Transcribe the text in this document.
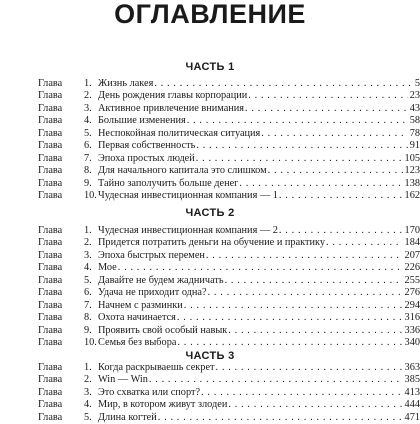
ОГЛАВЛЕНИЕ
ЧАСТЬ 1
Глава	1. Жизнь лакея . . .	5
Глава	2. День рождения главы корпорации . . .	23
Глава	3. Активное привлечение внимания . . .	43
Глава	4. Большие изменения . . .	58
Глава	5. Неспокойная политическая ситуация . . .	78
Глава	6. Первая собственность . . .	91
Глава	7. Эпоха простых людей . . .	105
Глава	8. Для начального капитала это слишком . . .	123
Глава	9. Тайно заполучить больше денег . . .	138
Глава	10. Чудесная инвестиционная компания — 1 . . .	162
ЧАСТЬ 2
Глава	1. Чудесная инвестиционная компания — 2 . . .	170
Глава	2. Придется потратить деньги на обучение и практику . . .	184
Глава	3. Эпоха быстрых перемен . . .	207
Глава	4. Мое . . .	226
Глава	5. Давайте не будем жадничать . . .	255
Глава	6. Удача не приходит одна? . . .	276
Глава	7. Начнем с разминки . . .	294
Глава	8. Охота начинается . . .	316
Глава	9. Проявить свой особый навык . . .	336
Глава	10. Семья без выбора . . .	340
ЧАСТЬ 3
Глава	1. Когда раскрываешь секрет . . .	363
Глава	2. Win — Win . . .	385
Глава	3. Это схватка или спорт? . . .	413
Глава	4. Мир, в котором живут злодеи . . .	444
Глава	5. Длина когтей . . .	471
